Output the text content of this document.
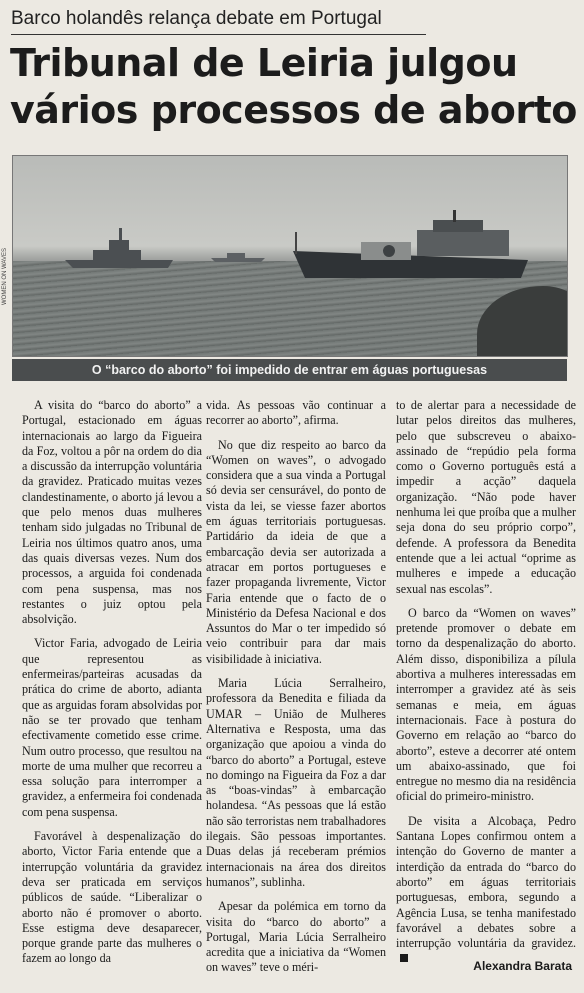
Barco holandês relança debate em Portugal
Tribunal de Leiria julgou
vários processos de aborto
WOMEN ON WAVES
O “barco do aborto” foi impedido de entrar em águas portuguesas

A visita do “barco do aborto” a Portugal, estacionado em águas internacionais ao largo da Figueira da Foz, voltou a pôr na ordem do dia a discussão da interrupção voluntária da gravidez. Praticado muitas vezes clandestinamente, o aborto já levou a que pelo menos duas mulheres tenham sido julgadas no Tribunal de Leiria nos últimos quatro anos, uma das quais diversas vezes. Num dos processos, a arguida foi condenada com pena suspensa, mas nos restantes o juiz optou pela absolvição.

Victor Faria, advogado de Leiria que representou as enfermeiras/parteiras acusadas da prática do crime de aborto, adianta que as arguidas foram absolvidas por não se ter provado que tenham efectivamente cometido esse crime. Num outro processo, que resultou na morte de uma mulher que recorreu a essa solução para interromper a gravidez, a enfermeira foi condenada com pena suspensa.

Favorável à despenalização do aborto, Victor Faria entende que a interrupção voluntária da gravidez deva ser praticada em serviços públicos de saúde. “Liberalizar o aborto não é promover o aborto. Esse estigma deve desaparecer, porque grande parte das mulheres o fazem ao longo da

vida. As pessoas vão continuar a recorrer ao aborto”, afirma.

No que diz respeito ao barco da “Women on waves”, o advogado considera que a sua vinda a Portugal só devia ser censurável, do ponto de vista da lei, se viesse fazer abortos em águas territoriais portuguesas. Partidário da ideia de que a embarcação devia ser autorizada a atracar em portos portugueses e fazer propaganda livremente, Victor Faria entende que o facto de o Ministério da Defesa Nacional e dos Assuntos do Mar o ter impedido só veio contribuir para dar mais visibilidade à iniciativa.

Maria Lúcia Serralheiro, professora da Benedita e filiada da UMAR – União de Mulheres Alternativa e Resposta, uma das organização que apoiou a vinda do “barco do aborto” a Portugal, esteve no domingo na Figueira da Foz a dar as “boas-vindas” à embarcação holandesa. “As pessoas que lá estão não são terroristas nem trabalhadores ilegais. São pessoas importantes. Duas delas já receberam prémios internacionais na área dos direitos humanos”, sublinha.

Apesar da polémica em torno da visita do “barco do aborto” a Portugal, Maria Lúcia Serralheiro acredita que a iniciativa da “Women on waves” teve o méri-

to de alertar para a necessidade de lutar pelos direitos das mulheres, pelo que subscreveu o abaixo-assinado de “repúdio pela forma como o Governo português está a impedir a acção” daquela organização. “Não pode haver nenhuma lei que proíba que a mulher seja dona do seu próprio corpo”, defende. A professora da Benedita entende que a lei actual “oprime as mulheres e impede a educação sexual nas escolas”.

O barco da “Women on waves” pretende promover o debate em torno da despenalização do aborto. Além disso, disponibiliza a pílula abortiva a mulheres interessadas em interromper a gravidez até às seis semanas e meia, em águas internacionais. Face à postura do Governo em relação ao “barco do aborto”, esteve a decorrer até ontem um abaixo-assinado, que foi entregue no mesmo dia na residência oficial do primeiro-ministro.

De visita a Alcobaça, Pedro Santana Lopes confirmou ontem a intenção do Governo de manter a interdição da entrada do “barco do aborto” em águas territoriais portuguesas, embora, segundo a Agência Lusa, se tenha manifestado favorável a debates sobre a interrupção voluntária da gravidez.

Alexandra Barata
